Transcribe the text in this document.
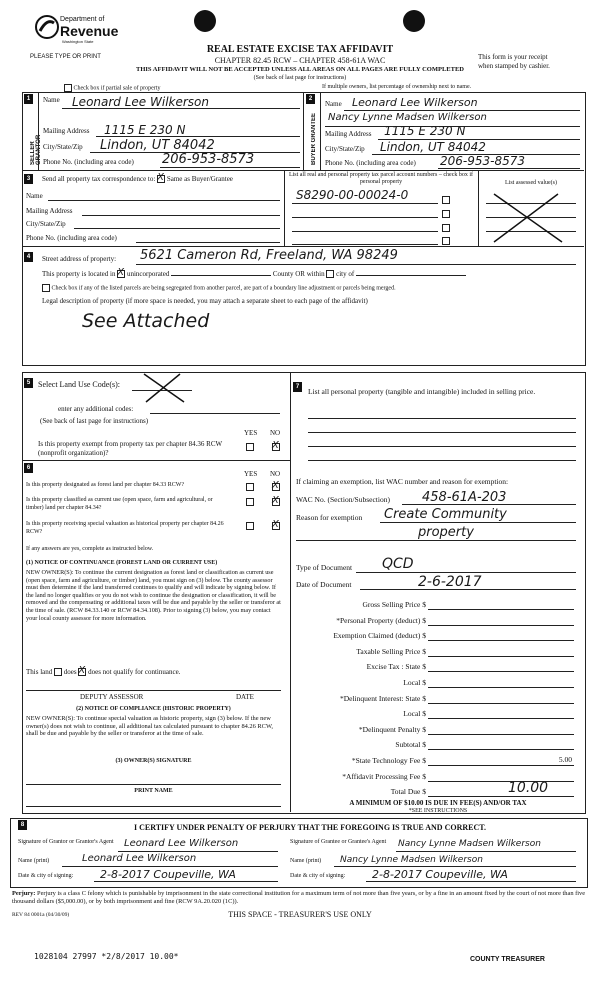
Department of
Revenue
Washington State
PLEASE TYPE OR PRINT
REAL ESTATE EXCISE TAX AFFIDAVIT
CHAPTER 82.45 RCW – CHAPTER 458-61A WAC
THIS AFFIDAVIT WILL NOT BE ACCEPTED UNLESS ALL AREAS ON ALL PAGES ARE FULLY COMPLETED
(See back of last page for instructions)
This form is your receipt
when stamped by cashier.
Check box if partial sale of property	If multiple owners, list percentage of ownership next to name.
1
SELLER GRANTOR
Name Leonard Lee Wilkerson
Mailing Address 1115 E 230 N
City/State/Zip Lindon, UT 84042
Phone No. (including area code) 206-953-8573
2
BUYER GRANTEE
Name Leonard Lee Wilkerson
Nancy Lynne Madsen Wilkerson
Mailing Address 1115 E 230 N
City/State/Zip Lindon, UT 84042
Phone No. (including area code) 206-953-8573
3	Send all property tax correspondence to: X Same as Buyer/Grantee
Name
Mailing Address
City/State/Zip
Phone No. (including area code)
List all real and personal property tax parcel account numbers – check box if personal property
S8290-00-00024-0
List assessed value(s)
4	Street address of property: 5621 Cameron Rd, Freeland, WA 98249
This property is located in X unincorporated	County OR within city of
Check box if any of the listed parcels are being segregated from another parcel, are part of a boundary line adjustment or parcels being merged.
Legal description of property (if more space is needed, you may attach a separate sheet to each page of the affidavit)
See Attached
5 Select Land Use Code(s):
enter any additional codes:
(See back of last page for instructions)
YES NO
Is this property exempt from property tax per chapter 84.36 RCW (nonprofit organization)?
X
6
YES NO
Is this property designated as forest land per chapter 84.33 RCW?	X
Is this property classified as current use (open space, farm and agricultural, or timber) land per chapter 84.34?
X
Is this property receiving special valuation as historical property per chapter 84.26 RCW?
X
If any answers are yes, complete as instructed below.
(1) NOTICE OF CONTINUANCE (FOREST LAND OR CURRENT USE)
NEW OWNER(S): To continue the current designation as forest land or classification as current use (open space, farm and agriculture, or timber) land, you must sign on (3) below. The county assessor must then determine if the land transferred continues to qualify and will indicate by signing below. If the land no longer qualifies or you do not wish to continue the designation or classification, it will be removed and the compensating or additional taxes will be due and payable by the seller or transferor at the time of sale. (RCW 84.33.140 or RCW 84.34.108). Prior to signing (3) below, you may contact your local county assessor for more information.
This land does X does not qualify for continuance.
DEPUTY ASSESSOR	DATE
(2) NOTICE OF COMPLIANCE (HISTORIC PROPERTY)
NEW OWNER(S): To continue special valuation as historic property, sign (3) below. If the new owner(s) does not wish to continue, all additional tax calculated pursuant to chapter 84.26 RCW, shall be due and payable by the seller or transferor at the time of sale.
(3) OWNER(S) SIGNATURE
PRINT NAME
7	List all personal property (tangible and intangible) included in selling price.
If claiming an exemption, list WAC number and reason for exemption:
WAC No. (Section/Subsection) 458-61A-203
Reason for exemption Create Community
property
Type of Document QCD
Date of Document	2-6-2017
Gross Selling Price $
*Personal Property (deduct) $
Exemption Claimed (deduct) $
Taxable Selling Price $
Excise Tax : State $
Local $
*Delinquent Interest: State $
Local $
*Delinquent Penalty $
Subtotal $
*State Technology Fee $	5.00
*Affidavit Processing Fee $
Total Due $	10.00
A MINIMUM OF $10.00 IS DUE IN FEE(S) AND/OR TAX
*SEE INSTRUCTIONS
8	I CERTIFY UNDER PENALTY OF PERJURY THAT THE FOREGOING IS TRUE AND CORRECT.
Signature of Grantor or Grantor's Agent	Leonard Lee Wilkerson
Name (print)	Leonard Lee Wilkerson
Date & city of signing: 2-8-2017 Coupeville, WA
Signature of Grantee or Grantee's Agent	Nancy Lynne Madsen Wilkerson
Name (print) Nancy Lynne Madsen Wilkerson
Date & city of signing: 2-8-2017 Coupeville, WA
Perjury: Perjury is a class C felony which is punishable by imprisonment in the state correctional institution for a maximum term of not more than five years, or by a fine in an amount fixed by the court of not more than five thousand dollars ($5,000.00), or by both imprisonment and fine (RCW 9A.20.020 (1C)).
REV 84 0001a (04/30/09)	THIS SPACE - TREASURER'S USE ONLY
1028104 27997 *2/8/2017 10.00*	COUNTY TREASURER
